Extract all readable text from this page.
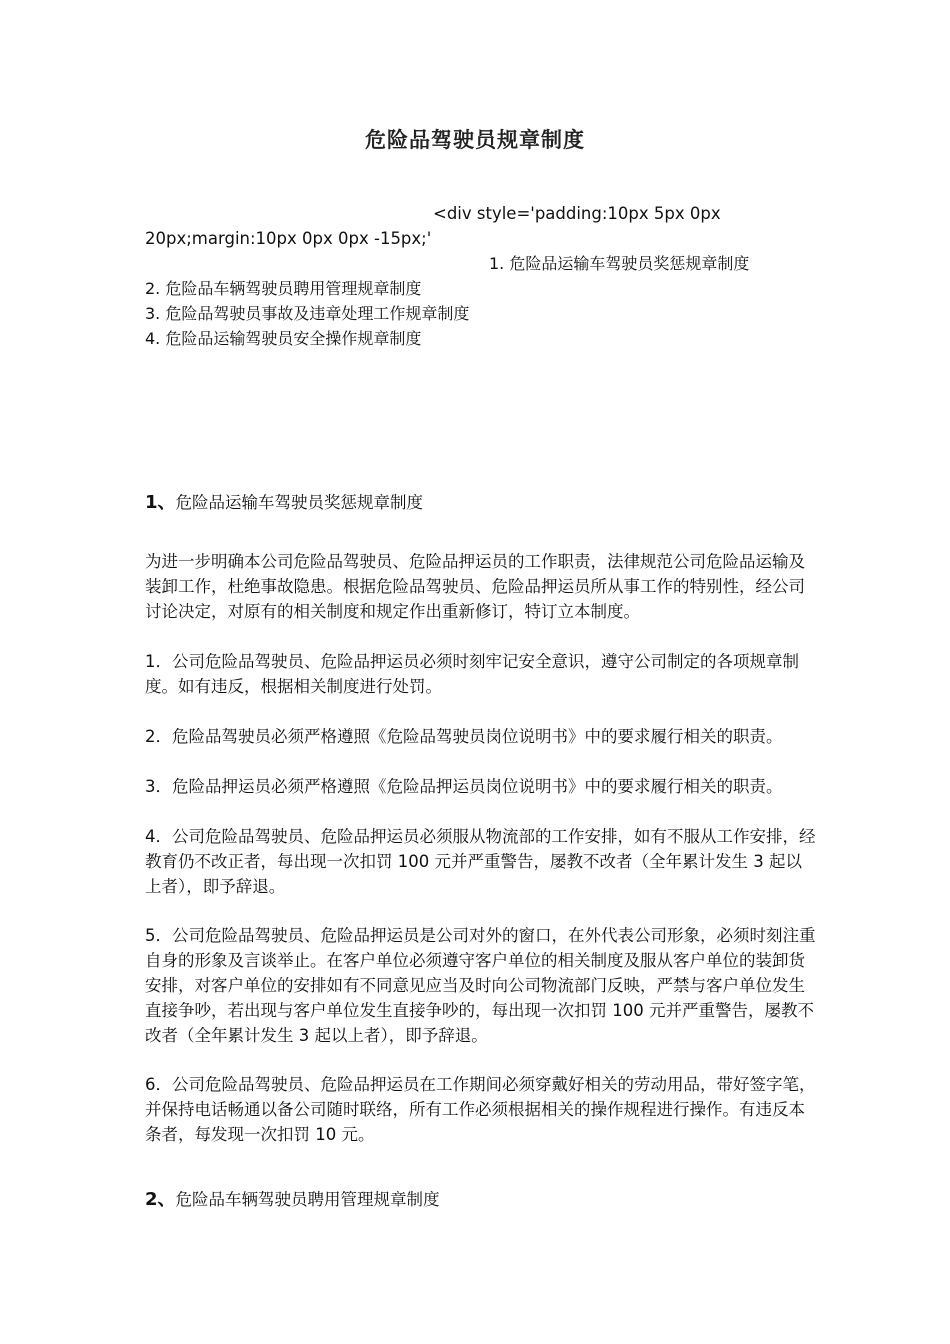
危险品驾驶员规章制度

<div style='padding:10px 5px 0px

20px;margin:10px 0px 0px -15px;'

1. 危险品运输车驾驶员奖惩规章制度

2. 危险品车辆驾驶员聘用管理规章制度

3. 危险品驾驶员事故及违章处理工作规章制度

4. 危险品运输驾驶员安全操作规章制度

1、危险品运输车驾驶员奖惩规章制度

为进一步明确本公司危险品驾驶员、危险品押运员的工作职责，法律规范公司危险品运输及装卸工作，杜绝事故隐患。根据危险品驾驶员、危险品押运员所从事工作的特别性，经公司讨论决定，对原有的相关制度和规定作出重新修订，特订立本制度。

1．公司危险品驾驶员、危险品押运员必须时刻牢记安全意识，遵守公司制定的各项规章制度。如有违反，根据相关制度进行处罚。

2．危险品驾驶员必须严格遵照《危险品驾驶员岗位说明书》中的要求履行相关的职责。

3．危险品押运员必须严格遵照《危险品押运员岗位说明书》中的要求履行相关的职责。

4．公司危险品驾驶员、危险品押运员必须服从物流部的工作安排，如有不服从工作安排，经教育仍不改正者，每出现一次扣罚 100 元并严重警告，屡教不改者（全年累计发生 3 起以上者），即予辞退。

5．公司危险品驾驶员、危险品押运员是公司对外的窗口，在外代表公司形象，必须时刻注重自身的形象及言谈举止。在客户单位必须遵守客户单位的相关制度及服从客户单位的装卸货安排，对客户单位的安排如有不同意见应当及时向公司物流部门反映，严禁与客户单位发生直接争吵，若出现与客户单位发生直接争吵的，每出现一次扣罚 100 元并严重警告，屡教不改者（全年累计发生 3 起以上者），即予辞退。

6．公司危险品驾驶员、危险品押运员在工作期间必须穿戴好相关的劳动用品，带好签字笔，并保持电话畅通以备公司随时联络，所有工作必须根据相关的操作规程进行操作。有违反本条者，每发现一次扣罚 10 元。

2、危险品车辆驾驶员聘用管理规章制度
